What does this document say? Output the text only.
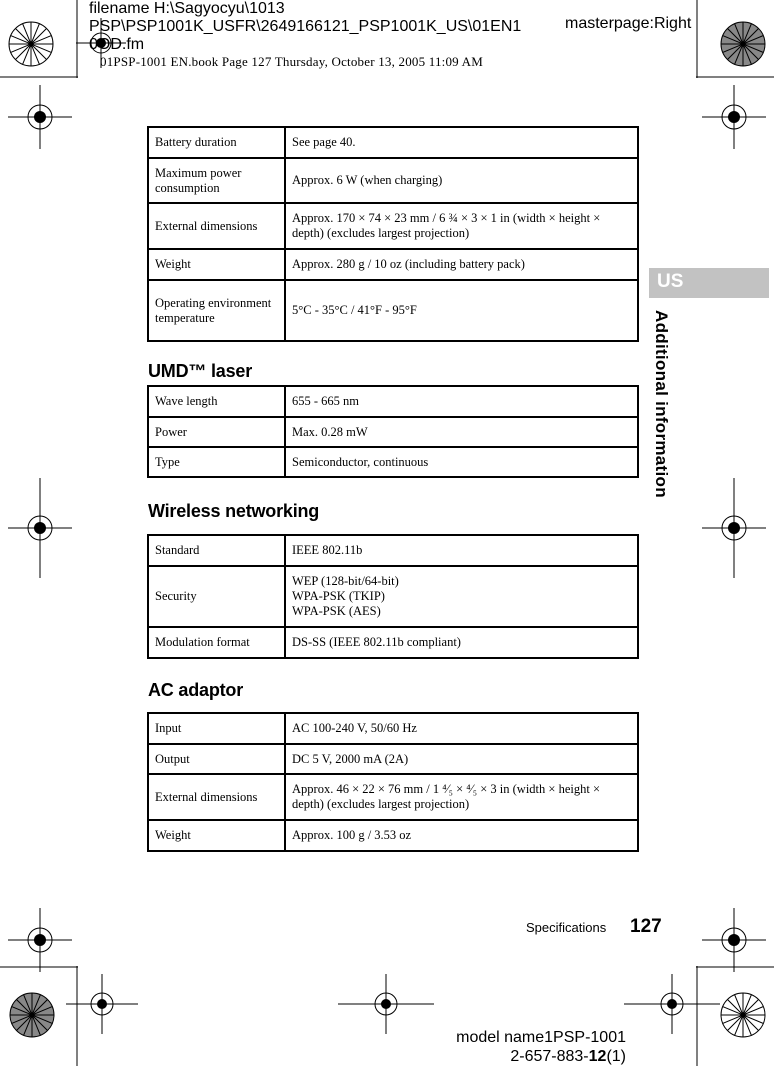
filename H:\Sagyocyu\1013 PSP\PSP1001K_USFR\2649166121_PSP1001K_US\01EN1 0OD.fm
masterpage:Right
01PSP-1001 EN.book Page 127 Thursday, October 13, 2005 11:09 AM
US
Additional information
Battery duration	See page 40.
Maximum power consumption	Approx. 6 W (when charging)
External dimensions	Approx. 170 × 74 × 23 mm / 6 ¾ × 3 × 1 in (width × height × depth) (excludes largest projection)
Weight	Approx. 280 g / 10 oz (including battery pack)
Operating environment temperature	5°C - 35°C / 41°F - 95°F
UMD™ laser
Wave length	655 - 665 nm
Power	Max. 0.28 mW
Type	Semiconductor, continuous
Wireless networking
Standard	IEEE 802.11b
Security	WEP (128-bit/64-bit)
WPA-PSK (TKIP)
WPA-PSK (AES)

Modulation format	DS-SS (IEEE 802.11b compliant)
AC adaptor
Input	AC 100-240 V, 50/60 Hz
Output	DC 5 V, 2000 mA (2A)
External dimensions	Approx. 46 × 22 × 76 mm / 1 ⁴⁄₅ × ⁴⁄₅ × 3 in (width × height × depth) (excludes largest projection)
Weight	Approx. 100 g / 3.53 oz
Specifications 127
model name1PSP-1001
2-657-883-12(1)
